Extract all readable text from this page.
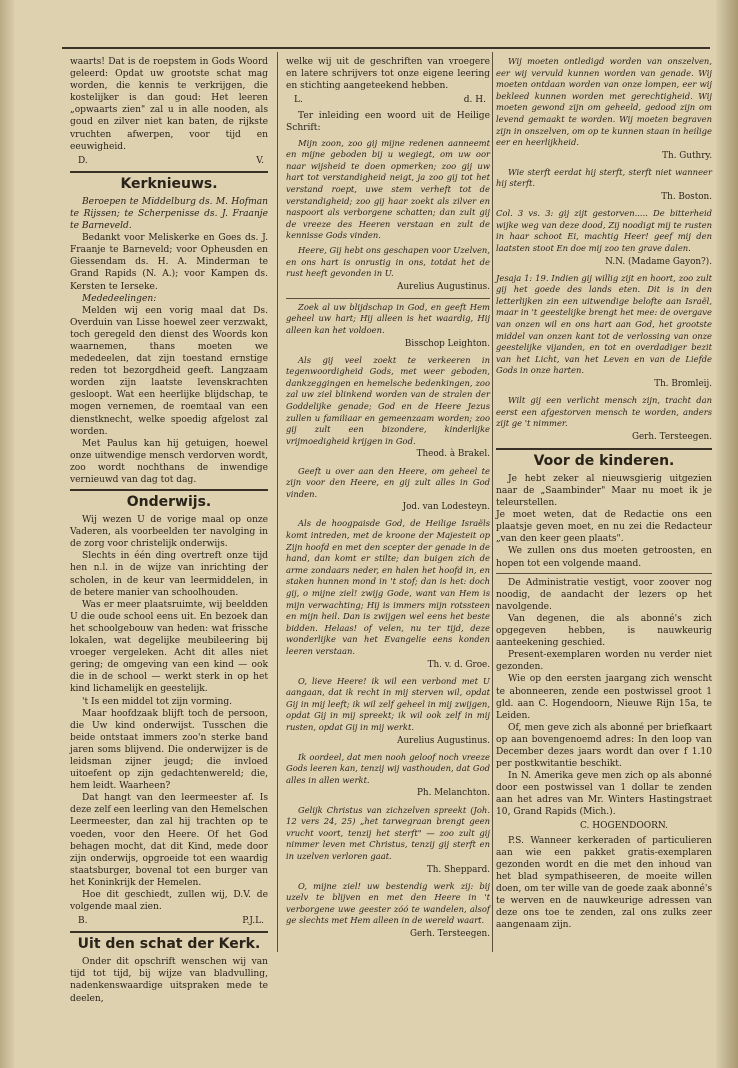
waarts! Dat is de roepstem in Gods Woord geleerd: Opdat uw grootste schat mag worden, die kennis te verkrijgen, die kostelijker is dan goud: Het leeren „opwaarts zien" zal u in alle nooden, als goud en zilver niet kan baten, de rijkste vruchten afwerpen, voor tijd en eeuwigheid.

D.	V.
Kerknieuws.

Beroepen te Middelburg ds. M. Hofman te Rijssen; te Scherpenisse ds. J. Fraanje te Barneveld.

Bedankt voor Meliskerke en Goes ds. J. Fraanje te Barneveld; voor Opheusden en Giessendam ds. H. A. Minderman te Grand Rapids (N. A.); voor Kampen ds. Kersten te Ierseke.

Mededeelingen:

Melden wij een vorig maal dat Ds. Overduin van Lisse hoewel zeer verzwakt, toch geregeld den dienst des Woords kon waarnemen, thans moeten we mededeelen, dat zijn toestand ernstige reden tot bezorgdheid geeft. Langzaam worden zijn laatste levenskrachten gesloopt. Wat een heerlijke blijdschap, te mogen vernemen, de roemtaal van een dienstknecht, welke spoedig afgelost zal worden.

Met Paulus kan hij getuigen, hoewel onze uitwendige mensch verdorven wordt, zoo wordt nochthans de inwendige vernieuwd van dag tot dag.

Onderwijs.

Wij wezen U de vorige maal op onze Vaderen, als voorbeelden ter navolging in de zorg voor christelijk onderwijs.

Slechts in één ding overtreft onze tijd hen n.l. in de wijze van inrichting der scholen, in de keur van leermiddelen, in de betere manier van schoolhouden.

Was er meer plaatsruimte, wij beeldden U die oude school eens uit. En bezoek dan het schoolgebouw van heden: wat frissche lokalen, wat degelijke meubileering bij vroeger vergeleken. Acht dit alles niet gering; de omgeving van een kind — ook die in de school — werkt sterk in op het kind lichamelijk en geestelijk.

't Is een middel tot zijn vorming.

Maar hoofdzaak blijft toch de persoon, die Uw kind onderwijst. Tusschen die beide ontstaat immers zoo'n sterke band jaren soms blijvend. Die onderwijzer is de leidsman zijner jeugd; die invloed uitoefent op zijn gedachtenwereld; die, hem leidt. Waarheen?

Dat hangt van den leermeester af. Is deze zelf een leerling van den Hemelschen Leermeester, dan zal hij trachten op te voeden, voor den Heere. Of het God behagen mocht, dat dit Kind, mede door zijn onderwijs, opgroeide tot een waardig staatsburger, bovenal tot een burger van het Koninkrijk der Hemelen.

Hoe dit geschiedt, zullen wij, D.V. de volgende maal zien.

B.	P.J.L.
Uit den schat der Kerk.

Onder dit opschrift wenschen wij van tijd tot tijd, bij wijze van bladvulling, nadenkenswaardige uitspraken mede te deelen,

welke wij uit de geschriften van vroegere en latere schrijvers tot onze eigene leering en stichting aangeteekend hebben.

L.	d. H.

Ter inleiding een woord uit de Heilige Schrift:

Mijn zoon, zoo gij mijne redenen aanneemt en mijne geboden bij u wegiegt, om uw oor naar wijsheid te doen opmerken; zoo gij uw hart tot verstandigheid neigt, ja zoo gij tot het verstand roept, uwe stem verheft tot de verstandigheid; zoo gij haar zoekt als zilver en naspoort als verborgene schatten; dan zult gij de vreeze des Heeren verstaan en zult de kennisse Gods vinden.

Heere, Gij hebt ons geschapen voor Uzelven, en ons hart is onrustig in ons, totdat het de rust heeft gevonden in U.

Aurelius Augustinus.

Zoek al uw blijdschap in God, en geeft Hem geheel uw hart; Hij alleen is het waardig, Hij alleen kan het voldoen.

Bisschop Leighton.

Als gij veel zoekt te verkeeren in tegenwoordigheid Gods, met weer geboden, dankzeggingen en hemelsche bedenkingen, zoo zal uw ziel blinkend worden van de stralen der Goddelijke genade; God en de Heere Jezus zullen u familiaar en gemeenzaam worden; zoo gij zult een bizondere, kinderlijke vrijmoedigheid krijgen in God.

Theod. à Brakel.

Geeft u over aan den Heere, om geheel te zijn voor den Heere, en gij zult alles in God vinden.

Jod. van Lodesteyn.

Als de hoogpaisde God, de Heilige Israëls komt intreden, met de kroone der Majesteit op Zijn hoofd en met den scepter der genade in de hand, dan komt er stilte; dan buigen zich de arme zondaars neder, en halen het hoofd in, en staken hunnen mond in 't stof; dan is het: doch gij, o mijne ziel! zwijg Gode, want van Hem is mijn verwachting; Hij is immers mijn rotssteen en mijn heil. Dan is zwijgen wel eens het beste bidden. Helaas! of velen, nu ter tijd, deze wonderlijke van het Evangelie eens konden leeren verstaan.

Th. v. d. Groe.

O, lieve Heere! ik wil een verbond met U aangaan, dat ik recht in mij sterven wil, opdat Gij in mij leeft; ik wil zelf geheel in mij zwijgen, opdat Gij in mij spreekt; ik wil ook zelf in mij rusten, opdat Gij in mij werkt.

Aurelius Augustinus.

Ik oordeel, dat men nooh geloof noch vreeze Gods leeren kan, tenzij wij vasthouden, dat God alles in allen werkt.

Ph. Melanchton.

Gelijk Christus van zichzelven spreekt (Joh. 12 vers 24, 25) „het tarwegraan brengt geen vrucht voort, tenzij het sterft" — zoo zult gij nimmer leven met Christus, tenzij gij sterft en in uzelven verloren gaat.

Th. Sheppard.

O, mijne ziel! uw bestendig werk zij: bij uzelv te blijven en met den Heere in 't verborgene uwe geester zóó te wandelen, alsof ge slechts met Hem alleen in de wereld waart.

Gerh. Tersteegen.

Wij moeten ontledigd worden van onszelven, eer wij vervuld kunnen worden van genade. Wij moeten ontdaan worden van onze lompen, eer wij bekleed kunnen worden met gerechtigheid. Wij moeten gewond zijn om geheeld, gedood zijn om levend gemaakt te worden. Wij moeten begraven zijn in onszelven, om op te kunnen staan in heilige eer en heerlijkheid.

Th. Guthry.

Wie sterft eerdat hij sterft, sterft niet wanneer hij sterft.

Th. Boston.

Col. 3 vs. 3: gij zijt gestorven..... De bitterheid wijke weg van deze dood, Zij noodigt mij te rusten in haar schoot Ei, machtig Heer! geef mij den laatsten stoot En doe mij zoo ten grave dalen.

N.N. (Madame Gayon?).

Jesaja 1: 19. Indien gij willig zijt en hoort, zoo zult gij het goede des lands eten. Dit is in den letterlijken zin een uitwendige belofte aan Israël, maar in 't geestelijke brengt het mee: de overgave van onzen wil en ons hart aan God, het grootste middel van onzen kant tot de verlossing van onze geestelijke vijanden, en tot en overdadiger bezit van het Licht, van het Leven en van de Liefde Gods in onze harten.

Th. Bromleij.

Wilt gij een verlicht mensch zijn, tracht dan eerst een afgestorven mensch te worden, anders zijt ge 't nimmer.

Gerh. Tersteegen.
Voor de kinderen.

Je hebt zeker al nieuwsgierig uitgezien naar de „Saambinder" Maar nu moet ik je teleurstellen.

Je moet weten, dat de Redactie ons een plaatsje geven moet, en nu zei die Redacteur „van den keer geen plaats".

We zullen ons dus moeten getroosten, en hopen tot een volgende maand.

De Administratie vestigt, voor zoover nog noodig, de aandacht der lezers op het navolgende.

Van degenen, die als abonné's zich opgegeven hebben, is nauwkeurig aanteekening geschied.

Present-exemplaren worden nu verder niet gezonden.

Wie op den eersten jaargang zich wenscht te abonneeren, zende een postwissel groot 1 gld. aan C. Hogendoorn, Nieuwe Rijn 15a, te Leiden.

Of, men geve zich als abonné per briefkaart op aan bovengenoemd adres: In den loop van December dezes jaars wordt dan over f 1.10 per postkwitantie beschikt.

In N. Amerika geve men zich op als abonné door een postwissel van 1 dollar te zenden aan het adres van Mr. Winters Hastingstraet 10, Grand Rapids (Mich.).

C. HOGENDOORN.

P.S. Wanneer kerkeraden of particulieren aan wie een pakket gratis-exemplaren gezonden wordt en die met den inhoud van het blad sympathiseeren, de moeite willen doen, om ter wille van de goede zaak abonné's te werven en de nauwkeurige adressen van deze ons toe te zenden, zal ons zulks zeer aangenaam zijn.
